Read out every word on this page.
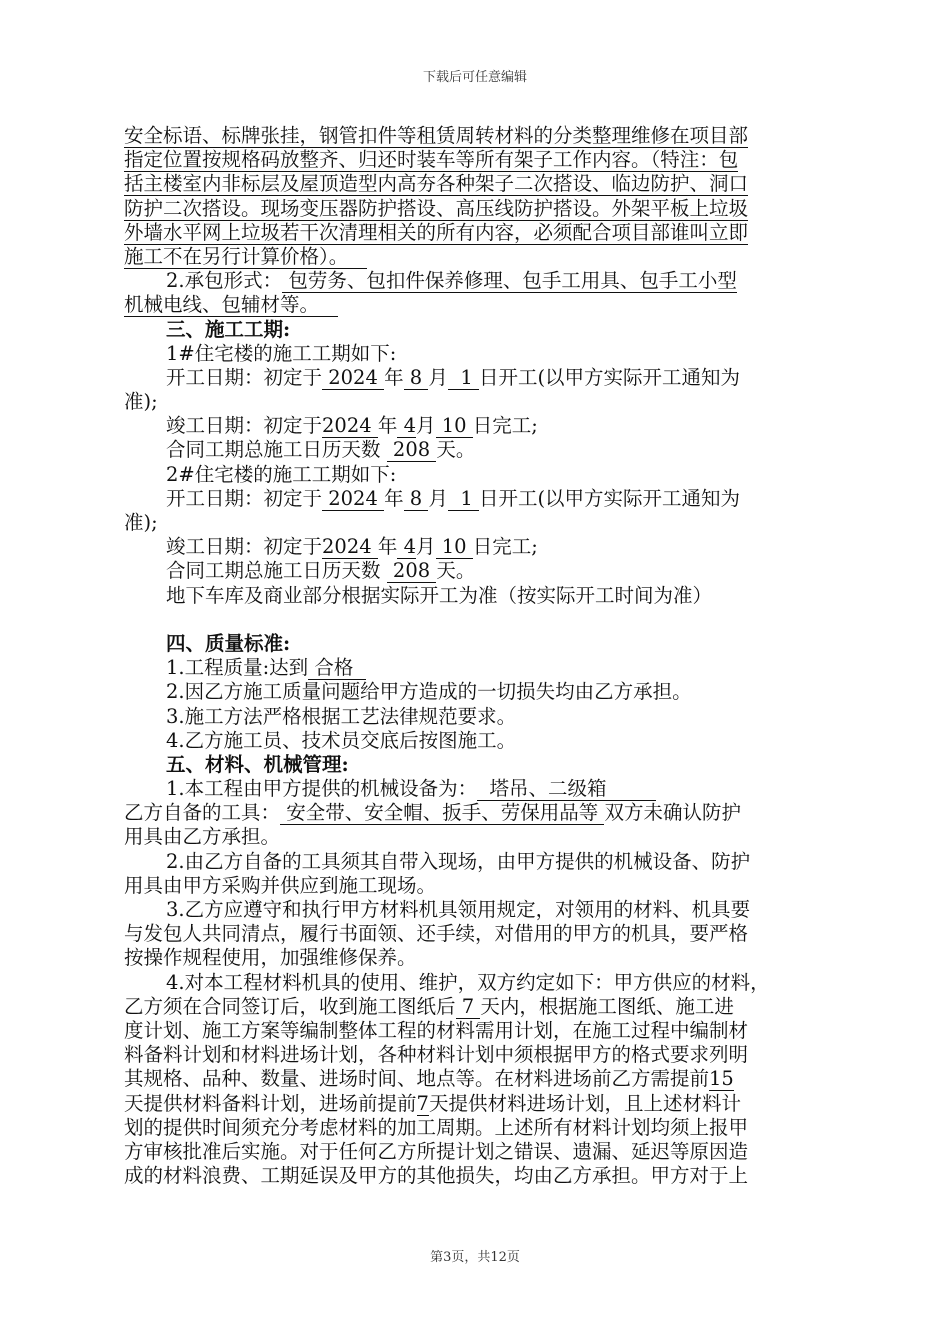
下载后可任意编辑
安全标语、标牌张挂，钢管扣件等租赁周转材料的分类整理维修在项目部
指定位置按规格码放整齐、归还时装车等所有架子工作内容。（特注：包
括主楼室内非标层及屋顶造型内高夯各种架子二次搭设、临边防护、洞口
防护二次搭设。现场变压器防护搭设、高压线防护搭设。外架平板上垃圾
外墙水平网上垃圾若干次清理相关的所有内容，必须配合项目部谁叫立即
施工不在另行计算价格）。
2.承包形式： 包劳务、包扣件保养修理、包手工用具、包手工小型
机械电线、包辅材等。
三、施工工期:
1#住宅楼的施工工期如下:
开工日期：初定于 2024 年 8 月 1 日开工(以甲方实际开工通知为
准);
竣工日期：初定于2024 年 4月 10 日完工;
合同工期总施工日历天数 208 天。
2#住宅楼的施工工期如下:
开工日期：初定于 2024 年 8 月 1 日开工(以甲方实际开工通知为
准);
竣工日期：初定于2024 年 4月 10 日完工;
合同工期总施工日历天数 208 天。
地下车库及商业部分根据实际开工为准（按实际开工时间为准）
四、质量标准:
1.工程质量:达到 合格
2.因乙方施工质量问题给甲方造成的一切损失均由乙方承担。
3.施工方法严格根据工艺法律规范要求。
4.乙方施工员、技术员交底后按图施工。
五、材料、机械管理:
1.本工程由甲方提供的机械设备为： 塔吊、二级箱
乙方自备的工具： 安全带、安全帽、扳手、劳保用品等 双方未确认防护
用具由乙方承担。
2.由乙方自备的工具须其自带入现场，由甲方提供的机械设备、防护
用具由甲方采购并供应到施工现场。
3.乙方应遵守和执行甲方材料机具领用规定，对领用的材料、机具要
与发包人共同清点，履行书面领、还手续，对借用的甲方的机具，要严格
按操作规程使用，加强维修保养。
4.对本工程材料机具的使用、维护，双方约定如下：甲方供应的材料，
乙方须在合同签订后，收到施工图纸后 7 天内，根据施工图纸、施工进
度计划、施工方案等编制整体工程的材料需用计划，在施工过程中编制材
料备料计划和材料进场计划，各种材料计划中须根据甲方的格式要求列明
其规格、品种、数量、进场时间、地点等。在材料进场前乙方需提前15
天提供材料备料计划，进场前提前7天提供材料进场计划，且上述材料计
划的提供时间须充分考虑材料的加工周期。上述所有材料计划均须上报甲
方审核批准后实施。对于任何乙方所提计划之错误、遗漏、延迟等原因造
成的材料浪费、工期延误及甲方的其他损失，均由乙方承担。甲方对于上
第3页，共12页
